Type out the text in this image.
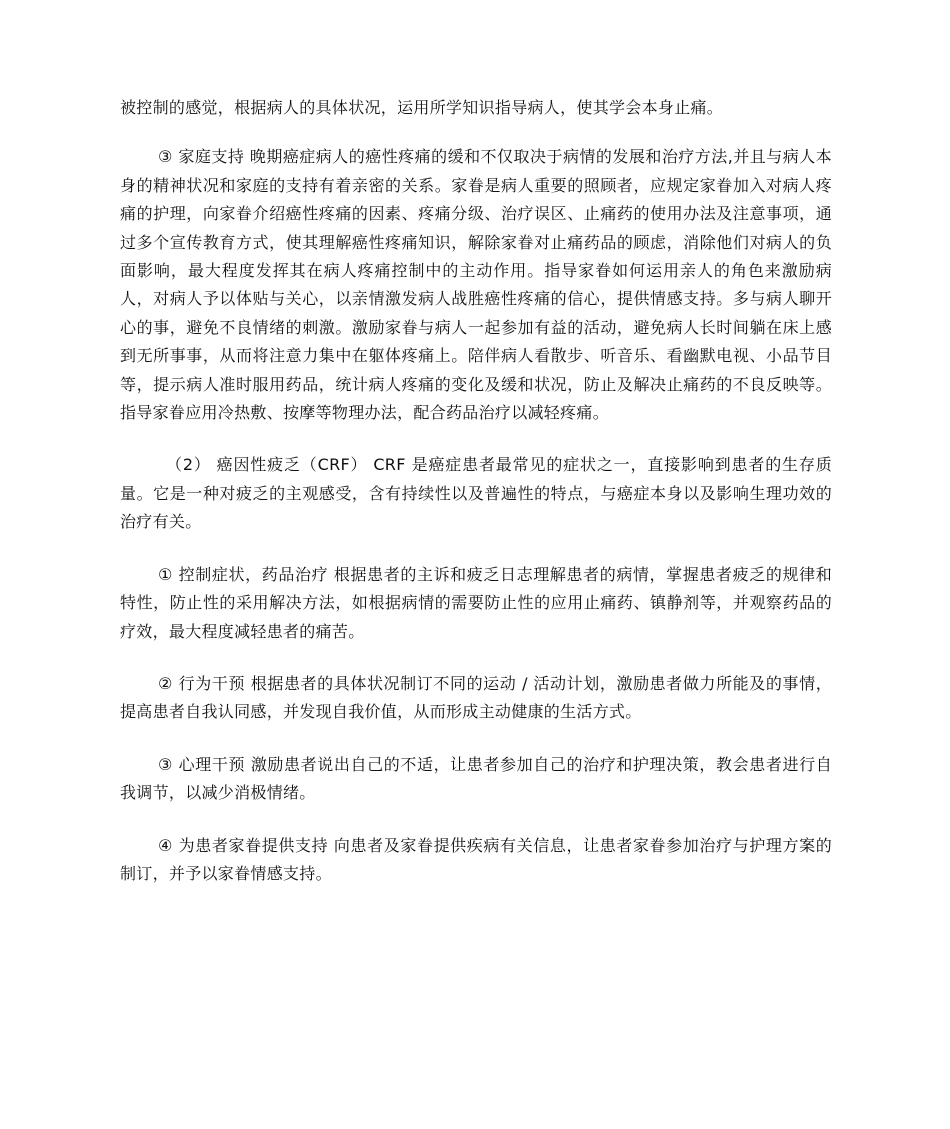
被控制的感觉，根据病人的具体状况，运用所学知识指导病人，使其学会本身止痛。

③ 家庭支持 晚期癌症病人的癌性疼痛的缓和不仅取决于病情的发展和治疗方法,并且与病人本身的精神状况和家庭的支持有着亲密的关系。家眷是病人重要的照顾者，应规定家眷加入对病人疼痛的护理，向家眷介绍癌性疼痛的因素、疼痛分级、治疗误区、止痛药的使用办法及注意事项，通过多个宣传教育方式，使其理解癌性疼痛知识，解除家眷对止痛药品的顾虑，消除他们对病人的负面影响，最大程度发挥其在病人疼痛控制中的主动作用。指导家眷如何运用亲人的角色来激励病人，对病人予以体贴与关心，以亲情激发病人战胜癌性疼痛的信心，提供情感支持。多与病人聊开心的事，避免不良情绪的刺激。激励家眷与病人一起参加有益的活动，避免病人长时间躺在床上感到无所事事，从而将注意力集中在躯体疼痛上。陪伴病人看散步、听音乐、看幽默电视、小品节目等，提示病人准时服用药品，统计病人疼痛的变化及缓和状况，防止及解决止痛药的不良反映等。指导家眷应用冷热敷、按摩等物理办法，配合药品治疗以减轻疼痛。

（2） 癌因性疲乏（CRF） CRF 是癌症患者最常见的症状之一，直接影响到患者的生存质量。它是一种对疲乏的主观感受，含有持续性以及普遍性的特点，与癌症本身以及影响生理功效的治疗有关。

① 控制症状，药品治疗 根据患者的主诉和疲乏日志理解患者的病情，掌握患者疲乏的规律和特性，防止性的采用解决方法，如根据病情的需要防止性的应用止痛药、镇静剂等，并观察药品的疗效，最大程度减轻患者的痛苦。

② 行为干预 根据患者的具体状况制订不同的运动 / 活动计划，激励患者做力所能及的事情，提高患者自我认同感，并发现自我价值，从而形成主动健康的生活方式。

③ 心理干预 激励患者说出自己的不适，让患者参加自己的治疗和护理决策，教会患者进行自我调节，以减少消极情绪。

④ 为患者家眷提供支持 向患者及家眷提供疾病有关信息，让患者家眷参加治疗与护理方案的制订，并予以家眷情感支持。
